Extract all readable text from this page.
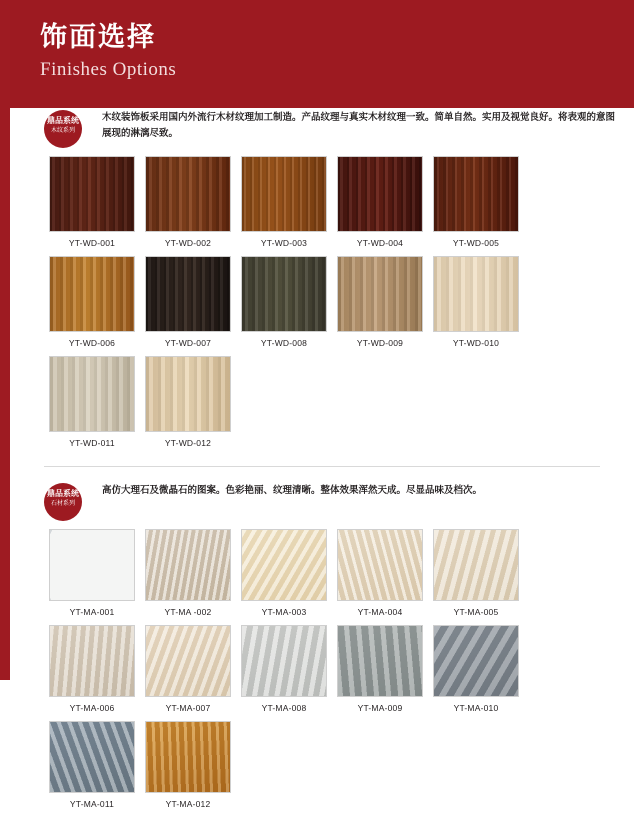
饰面选择
Finishes Options
鼎品系统
木纹系列
木纹装饰板采用国内外流行木材纹理加工制造。产品纹理与真实木材纹理一致。简单自然。实用及视觉良好。将表观的意图展现的淋漓尽致。
YT-WD-001	YT-WD-002	YT-WD-003	YT-WD-004	YT-WD-005
YT-WD-006	YT-WD-007	YT-WD-008	YT-WD-009	YT-WD-010
YT-WD-011	YT-WD-012
鼎品系统
石材系列
高仿大理石及微晶石的图案。色彩艳丽、纹理清晰。整体效果浑然天成。尽显品味及档次。
YT-MA-001	YT-MA -002	YT-MA-003	YT-MA-004	YT-MA-005
YT-MA-006	YT-MA-007	YT-MA-008	YT-MA-009	YT-MA-010
YT-MA-011	YT-MA-012
